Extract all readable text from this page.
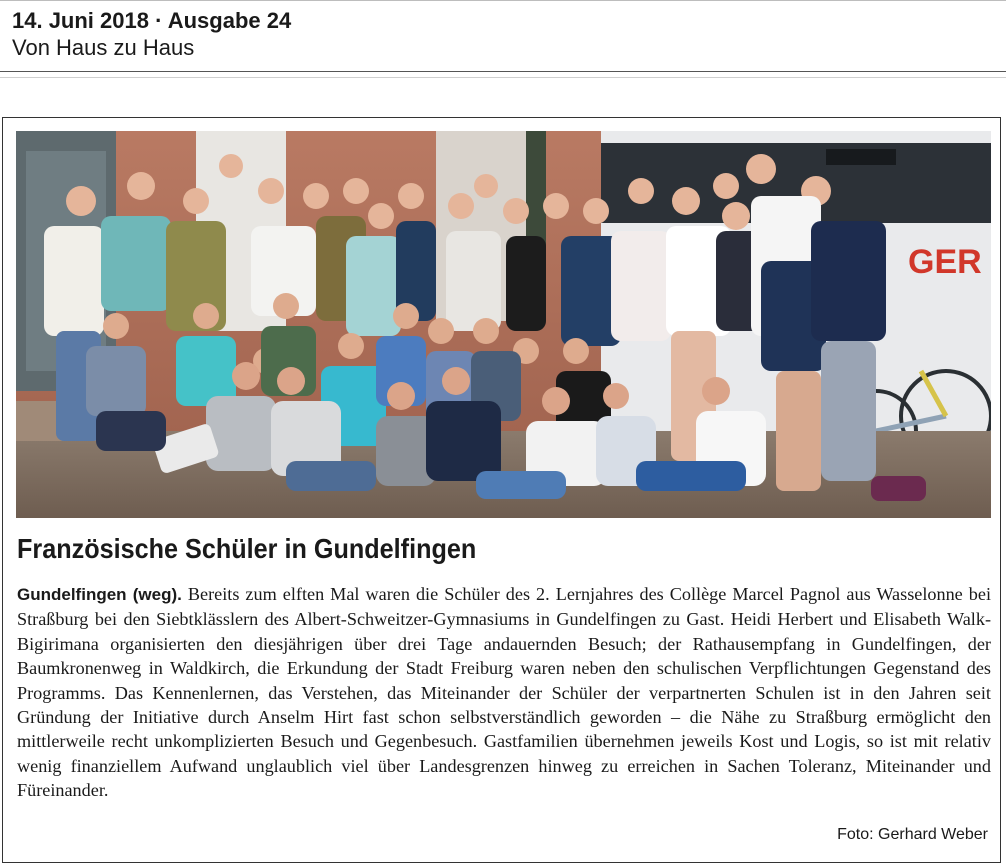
14. Juni 2018 · Ausgabe 24
Von Haus zu Haus
GER
Französische Schüler in Gundelfingen
Gundelfingen (weg). Bereits zum elften Mal waren die Schüler des 2. Lernjahres des Collège Marcel Pagnol aus Wasselonne bei Straßburg bei den Siebtklässlern des Albert-Schweitzer-Gymnasiums in Gundelfingen zu Gast. Heidi Herbert und Elisabeth Walk-Bigirimana organisierten den diesjährigen über drei Tage andauernden Besuch; der Rathausempfang in Gundelfingen, der Baumkronenweg in Waldkirch, die Erkundung der Stadt Freiburg waren neben den schulischen Verpflichtungen Gegenstand des Programms. Das Kennenlernen, das Verstehen, das Miteinander der Schüler der verpartnerten Schulen ist in den Jahren seit Gründung der Initiative durch Anselm Hirt fast schon selbstverständlich geworden – die Nähe zu Straßburg ermöglicht den mittlerweile recht unkomplizierten Besuch und Gegenbesuch. Gastfamilien übernehmen jeweils Kost und Logis, so ist mit relativ wenig finanziellem Aufwand unglaublich viel über Landesgrenzen hinweg zu erreichen in Sachen Toleranz, Miteinander und Füreinander.
Foto: Gerhard Weber
